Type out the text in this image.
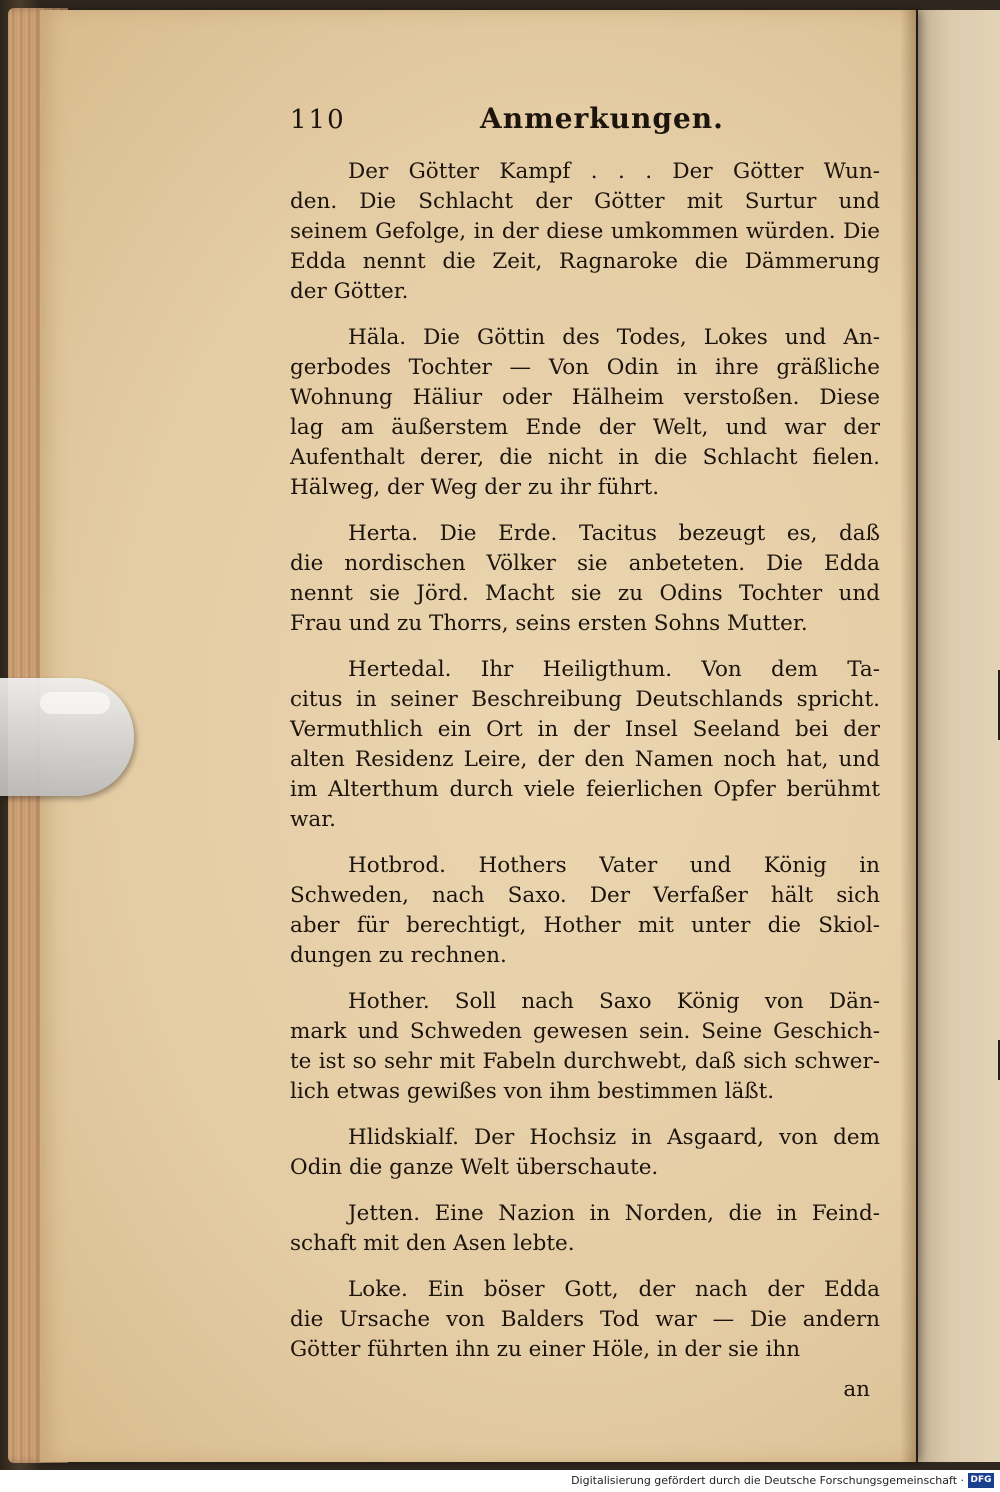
110	Anmerkungen.
Der Götter Kampf . . . Der Götter Wun-
den. Die Schlacht der Götter mit Surtur und
seinem Gefolge, in der diese umkommen würden. Die
Edda nennt die Zeit, Ragnaroke die Dämmerung
der Götter.
Häla. Die Göttin des Todes, Lokes und An-
gerbodes Tochter — Von Odin in ihre gräßliche
Wohnung Häliur oder Hälheim verstoßen. Diese
lag am äußerstem Ende der Welt, und war der
Aufenthalt derer, die nicht in die Schlacht fielen.
Hälweg, der Weg der zu ihr führt.
Herta. Die Erde. Tacitus bezeugt es, daß
die nordischen Völker sie anbeteten. Die Edda
nennt sie Jörd. Macht sie zu Odins Tochter und
Frau und zu Thorrs, seins ersten Sohns Mutter.
Hertedal. Ihr Heiligthum. Von dem Ta-
citus in seiner Beschreibung Deutschlands spricht.
Vermuthlich ein Ort in der Insel Seeland bei der
alten Residenz Leire, der den Namen noch hat, und
im Alterthum durch viele feierlichen Opfer berühmt
war.
Hotbrod. Hothers Vater und König in
Schweden, nach Saxo. Der Verfaßer hält sich
aber für berechtigt, Hother mit unter die Skiol-
dungen zu rechnen.
Hother. Soll nach Saxo König von Dän-
mark und Schweden gewesen sein. Seine Geschich-
te ist so sehr mit Fabeln durchwebt, daß sich schwer-
lich etwas gewißes von ihm bestimmen läßt.
Hlidskialf. Der Hochsiz in Asgaard, von dem
Odin die ganze Welt überschaute.
Jetten. Eine Nazion in Norden, die in Feind-
schaft mit den Asen lebte.
Loke. Ein böser Gott, der nach der Edda
die Ursache von Balders Tod war — Die andern
Götter führten ihn zu einer Höle, in der sie ihn
an
Digitalisierung gefördert durch die Deutsche Forschungsgemeinschaft · DFG
